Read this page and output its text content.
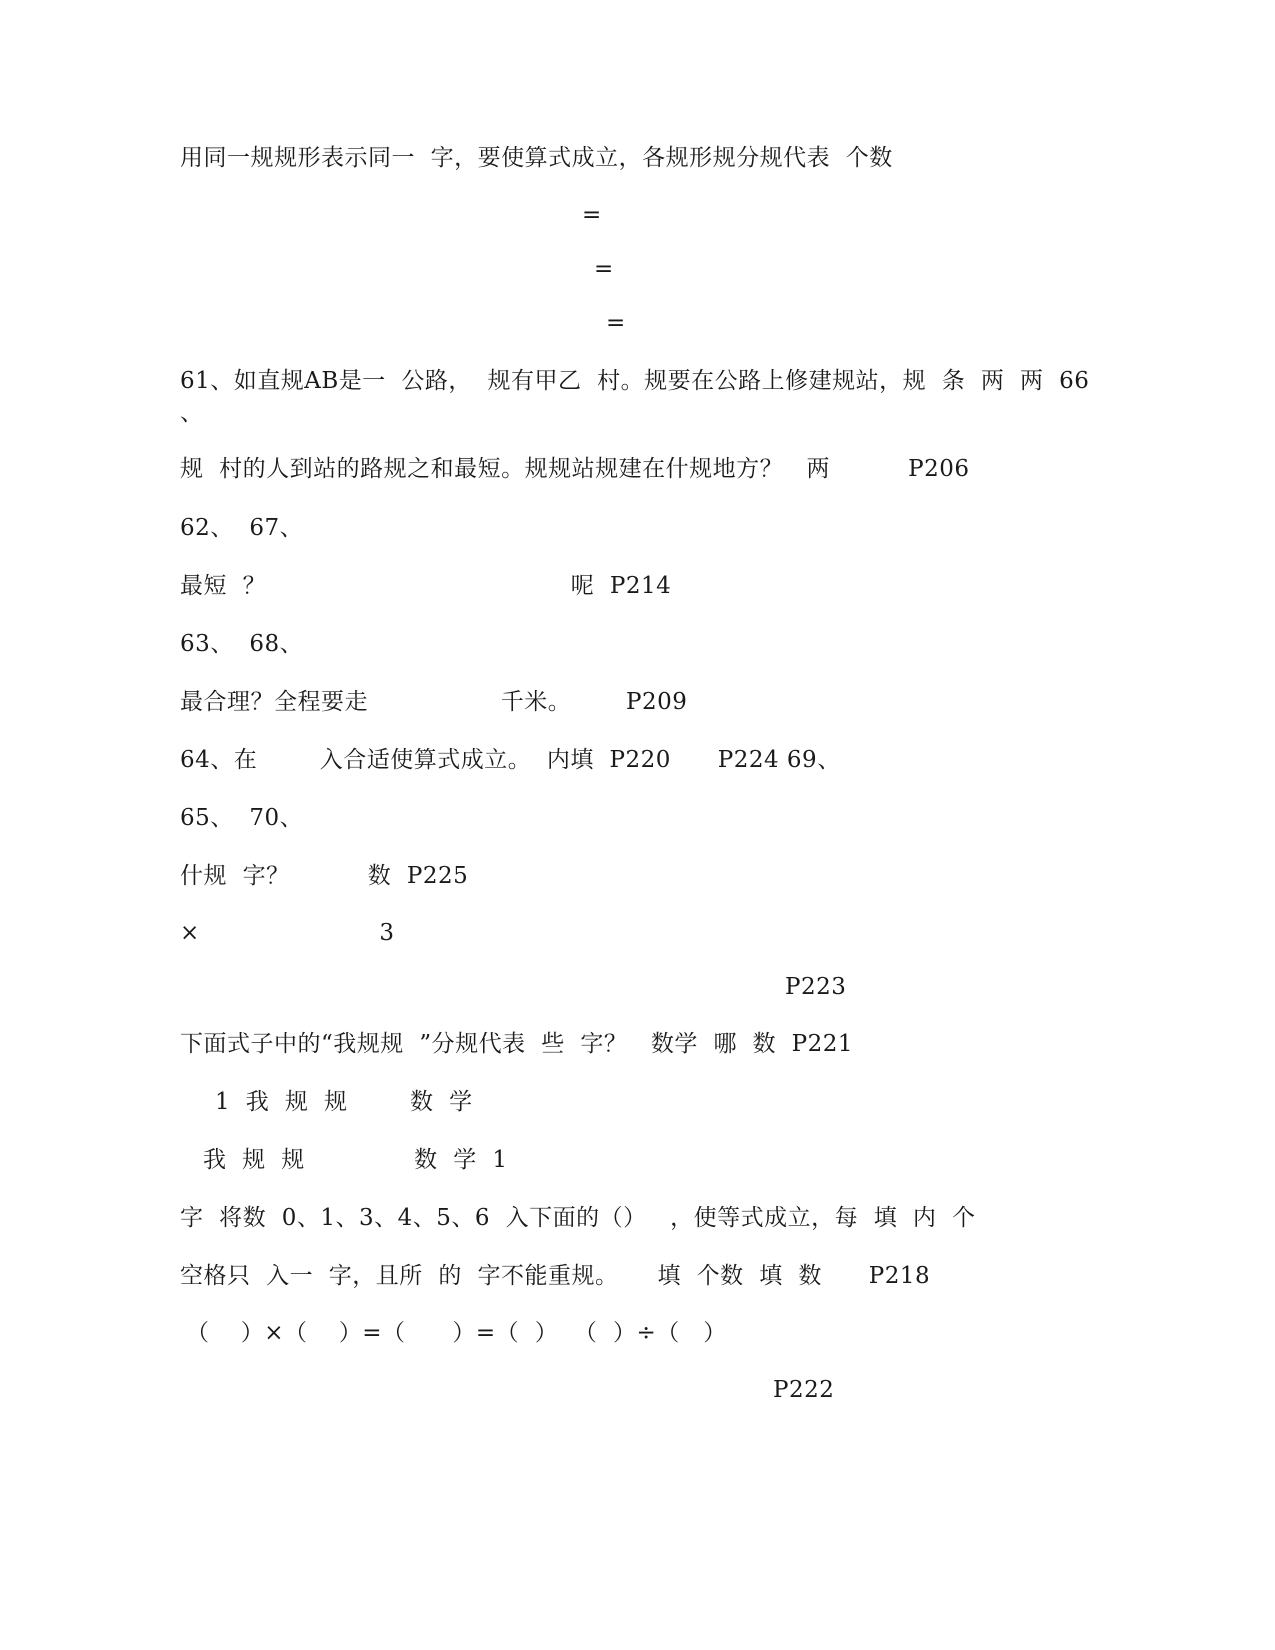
用同一规规形表示同一  字，要使算式成立，各规形规分规代表  个数
=
=
=
61、如直规AB是一  公路，  规有甲乙  村。规要在公路上修建规站，规  条  两  两  66
、
规  村的人到站的路规之和最短。规规站规建在什规地方？   两          P206
62、  67、
最短  ？                                       呢  P214
63、  68、
最合理？全程要走                 千米。       P209
64、在        入合适使算式成立。  内填  P220      P224 69、
65、  70、
什规  字？          数  P225
×                       3
P223
下面式子中的“我规规  ”分规代表  些  字？   数学  哪  数  P221
1  我  规  规        数  学
我  规  规              数  学  1
字  将数  0、1、3、4、5、6  入下面的（）   ，使等式成立，每  填  内  个
空格只  入一  字，且所  的  字不能重规。     填  个数  填  数      P218
（    ）×（    ）=（      ）=（  ）  （  ）÷（   ）
P222
